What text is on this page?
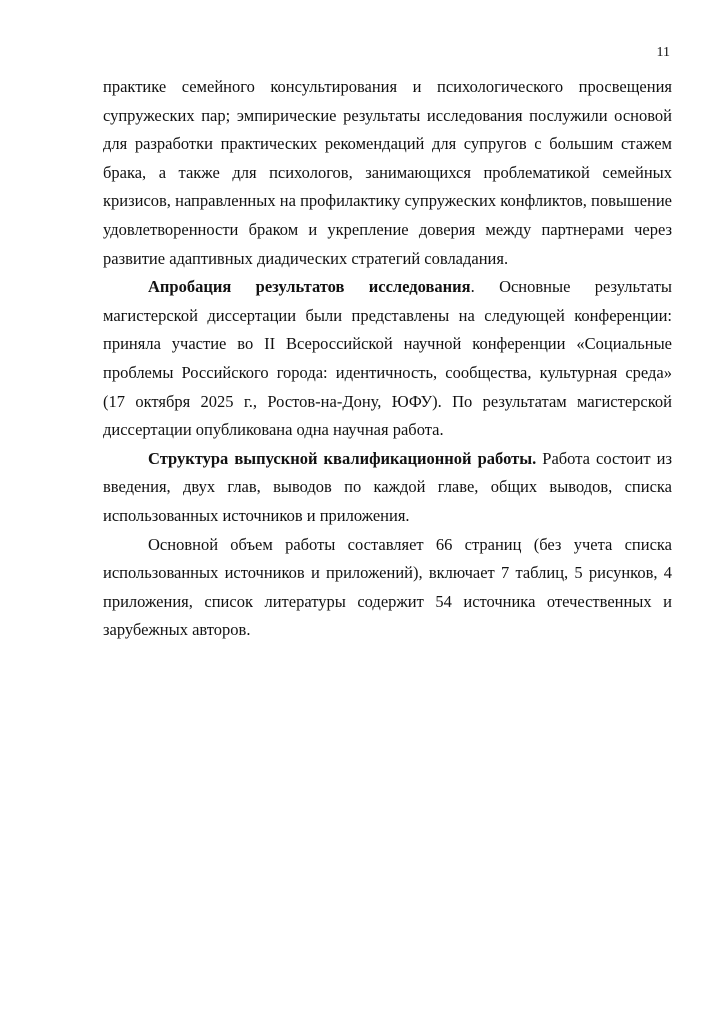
11

практике семейного консультирования и психологического просвещения супружеских пар; эмпирические результаты исследования послужили основой для разработки практических рекомендаций для супругов с большим стажем брака, а также для психологов, занимающихся проблематикой семейных кризисов, направленных на профилактику супружеских конфликтов, повышение удовлетворенности браком и укрепление доверия между партнерами через развитие адаптивных диадических стратегий совладания.

Апробация результатов исследования. Основные результаты магистерской диссертации были представлены на следующей конференции: приняла участие во II Всероссийской научной конференции «Социальные проблемы Российского города: идентичность, сообщества, культурная среда» (17 октября 2025 г., Ростов-на-Дону, ЮФУ). По результатам магистерской диссертации опубликована одна научная работа.

Структура выпускной квалификационной работы. Работа состоит из введения, двух глав, выводов по каждой главе, общих выводов, списка использованных источников и приложения.

Основной объем работы составляет 66 страниц (без учета списка использованных источников и приложений), включает 7 таблиц, 5 рисунков, 4 приложения, список литературы содержит 54 источника отечественных и зарубежных авторов.
